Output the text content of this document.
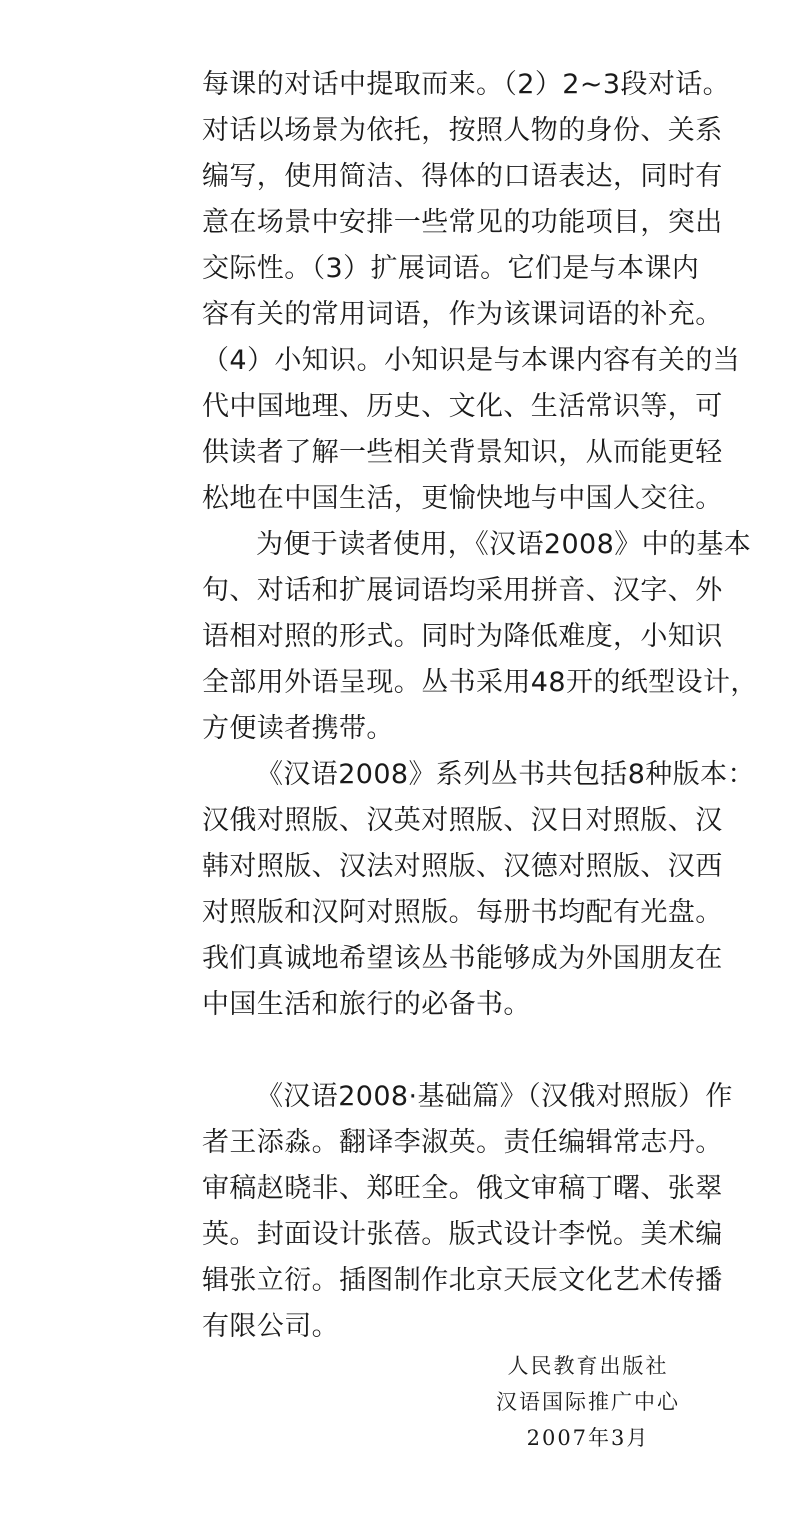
每课的对话中提取而来。（2）2~3段对话。
对话以场景为依托，按照人物的身份、关系
编写，使用简洁、得体的口语表达，同时有
意在场景中安排一些常见的功能项目，突出
交际性。（3）扩展词语。它们是与本课内
容有关的常用词语，作为该课词语的补充。
（4）小知识。小知识是与本课内容有关的当
代中国地理、历史、文化、生活常识等，可
供读者了解一些相关背景知识，从而能更轻
松地在中国生活，更愉快地与中国人交往。
为便于读者使用，《汉语2008》中的基本
句、对话和扩展词语均采用拼音、汉字、外
语相对照的形式。同时为降低难度，小知识
全部用外语呈现。丛书采用48开的纸型设计，
方便读者携带。
《汉语2008》系列丛书共包括8种版本：
汉俄对照版、汉英对照版、汉日对照版、汉
韩对照版、汉法对照版、汉德对照版、汉西
对照版和汉阿对照版。每册书均配有光盘。
我们真诚地希望该丛书能够成为外国朋友在
中国生活和旅行的必备书。
《汉语2008·基础篇》（汉俄对照版）作
者王添淼。翻译李淑英。责任编辑常志丹。
审稿赵晓非、郑旺全。俄文审稿丁曙、张翠
英。封面设计张蓓。版式设计李悦。美术编
辑张立衍。插图制作北京天辰文化艺术传播
有限公司。
人民教育出版社
汉语国际推广中心
2007年3月
